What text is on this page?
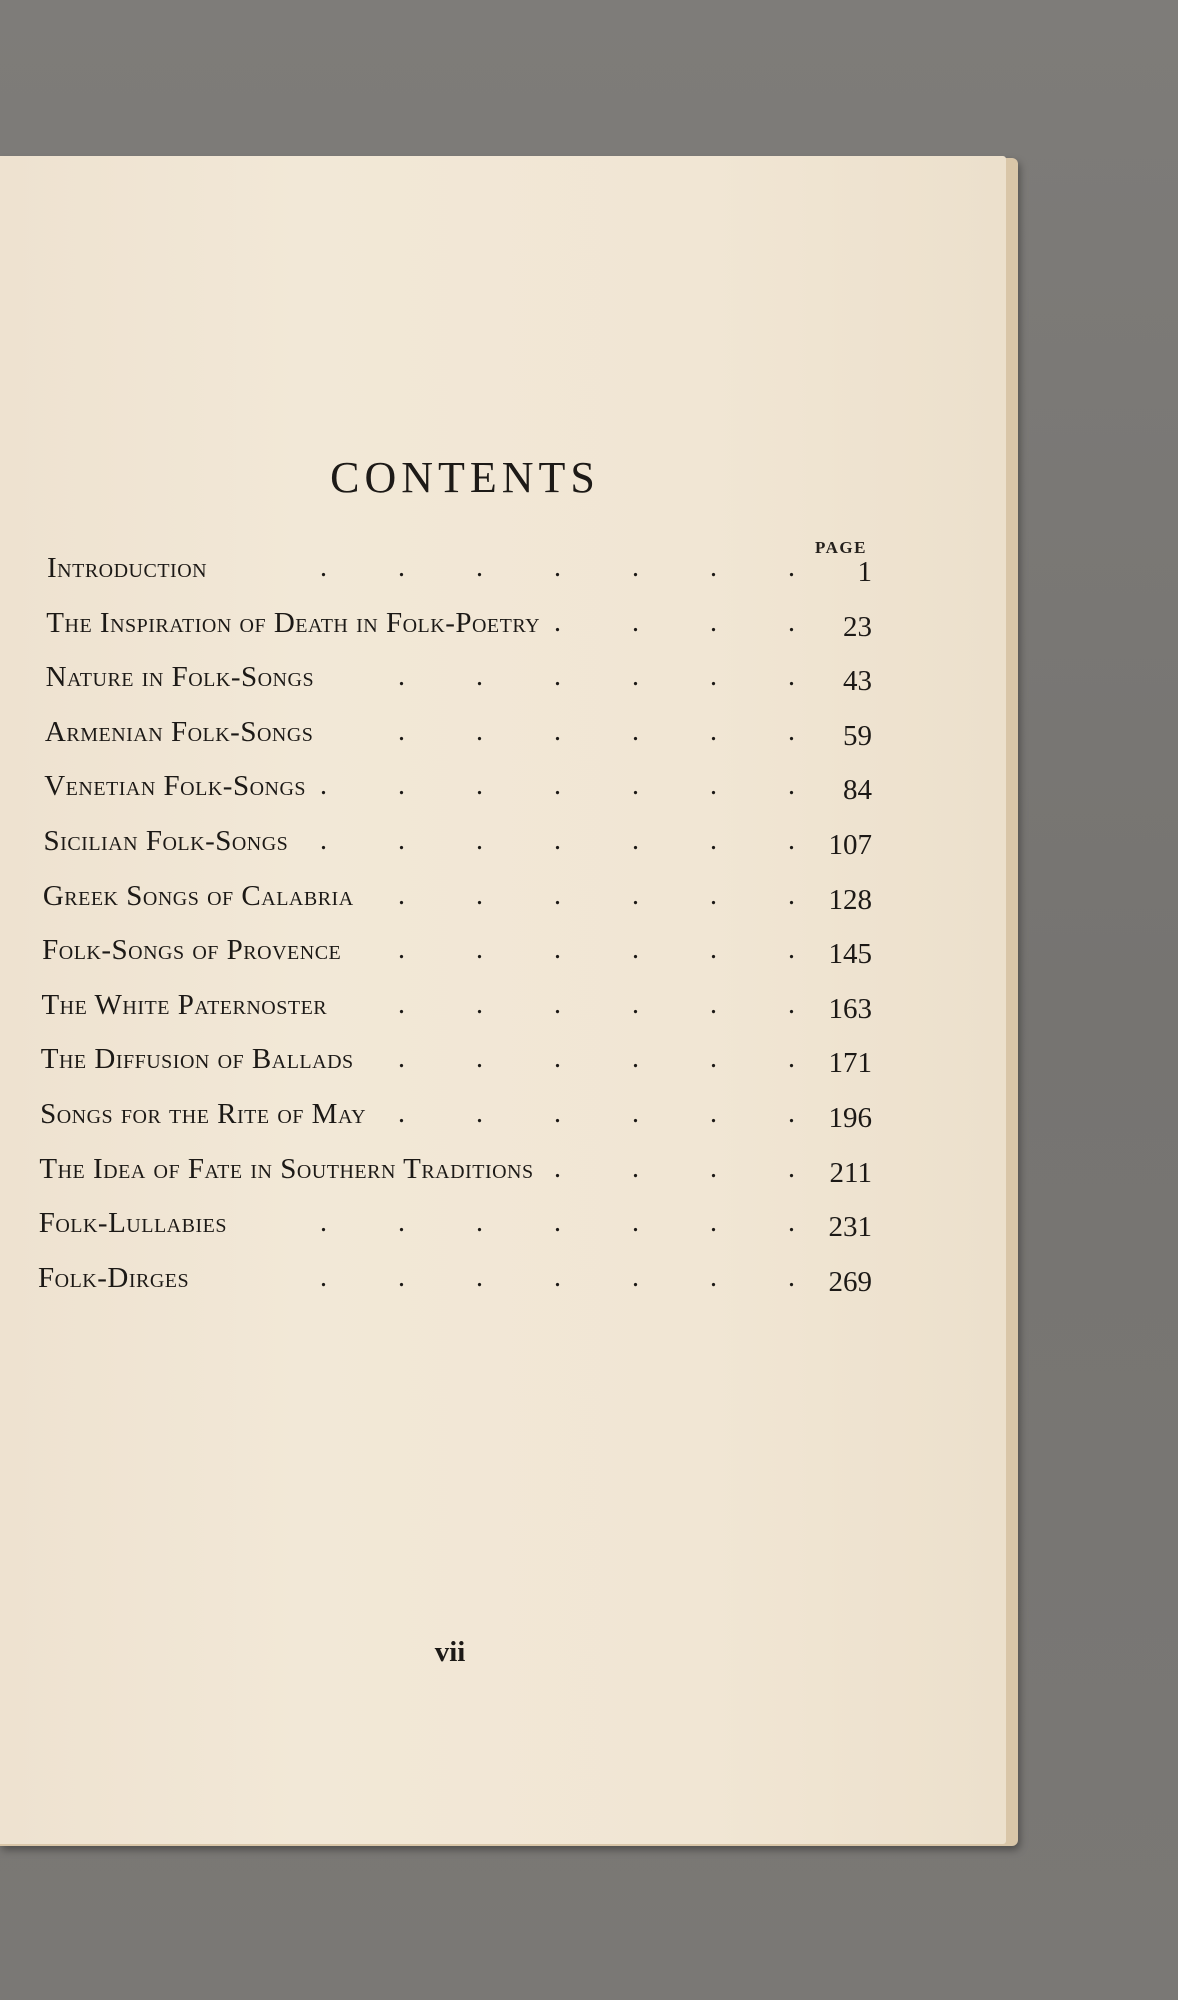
CONTENTS
PAGE
Introduction	1
.	.	.	.	.	.	.
The Inspiration of Death in Folk-Poetry	23
.	.	.	.
Nature in Folk-Songs	43
.	.	.	.	.	.
Armenian Folk-Songs	59
.	.	.	.	.	.
Venetian Folk-Songs	84
.	.	.	.	.	.	.
Sicilian Folk-Songs	107
.	.	.	.	.	.	.
Greek Songs of Calabria	128
.	.	.	.	.	.
Folk-Songs of Provence	145
.	.	.	.	.	.
The White Paternoster	163
.	.	.	.	.	.
The Diffusion of Ballads	171
.	.	.	.	.	.
Songs for the Rite of May	196
.	.	.	.	.	.
The Idea of Fate in Southern Traditions	211
.	.	.	.
Folk-Lullabies	231
.	.	.	.	.	.	.
Folk-Dirges	269
.	.	.	.	.	.	.
vii
